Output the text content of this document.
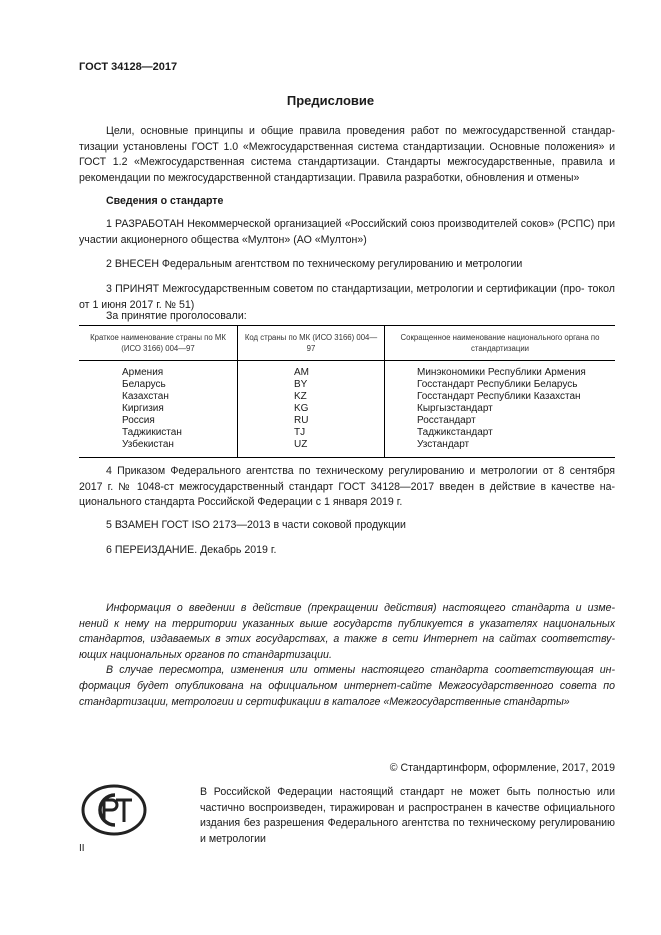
ГОСТ 34128—2017
Предисловие

Цели, основные принципы и общие правила проведения работ по межгосударственной стандар- тизации установлены ГОСТ 1.0 «Межгосударственная система стандартизации. Основные положения» и ГОСТ 1.2 «Межгосударственная система стандартизации. Стандарты межгосударственные, правила и рекомендации по межгосударственной стандартизации. Правила разработки, обновления и отмены»

Сведения о стандарте

1 РАЗРАБОТАН Некоммерческой организацией «Российский союз производителей соков» (РСПС) при участии акционерного общества «Мултон» (АО «Мултон»)

2 ВНЕСЕН Федеральным агентством по техническому регулированию и метрологии

3 ПРИНЯТ Межгосударственным советом по стандартизации, метрологии и сертификации (про- токол от 1 июня 2017 г. № 51)

За принятие проголосовали:
Краткое наименование страны по МК (ИСО 3166) 004—97	Код страны по МК (ИСО 3166) 004—97	Сокращенное наименование национального органа по стандартизации
Армения	AM	Минэкономики Республики Армения
Беларусь	BY	Госстандарт Республики Беларусь
Казахстан	KZ	Госстандарт Республики Казахстан
Киргизия	KG	Кыргызстандарт
Россия	RU	Росстандарт
Таджикистан	TJ	Таджикстандарт
Узбекистан	UZ	Узстандарт

4 Приказом Федерального агентства по техническому регулированию и метрологии от 8 сентября 2017 г. № 1048-ст межгосударственный стандарт ГОСТ 34128—2017 введен в действие в качестве на- ционального стандарта Российской Федерации с 1 января 2019 г.

5 ВЗАМЕН ГОСТ ISO 2173—2013 в части соковой продукции
6 ПЕРЕИЗДАНИЕ. Декабрь 2019 г.

Информация о введении в действие (прекращении действия) настоящего стандарта и изме- нений к нему на территории указанных выше государств публикуется в указателях национальных стандартов, издаваемых в этих государствах, а также в сети Интернет на сайтах соответству- ющих национальных органов по стандартизации.

В случае пересмотра, изменения или отмены настоящего стандарта соответствующая ин- формация будет опубликована на официальном интернет-сайте Межгосударственного совета по стандартизации, метрологии и сертификации в каталоге «Межгосударственные стандарты»

© Стандартинформ, оформление, 2017, 2019

В Российской Федерации настоящий стандарт не может быть полностью или частично воспроизведен, тиражирован и распространен в качестве официального издания без разрешения Федерального агентства по техническому регулированию и метрологии

II
